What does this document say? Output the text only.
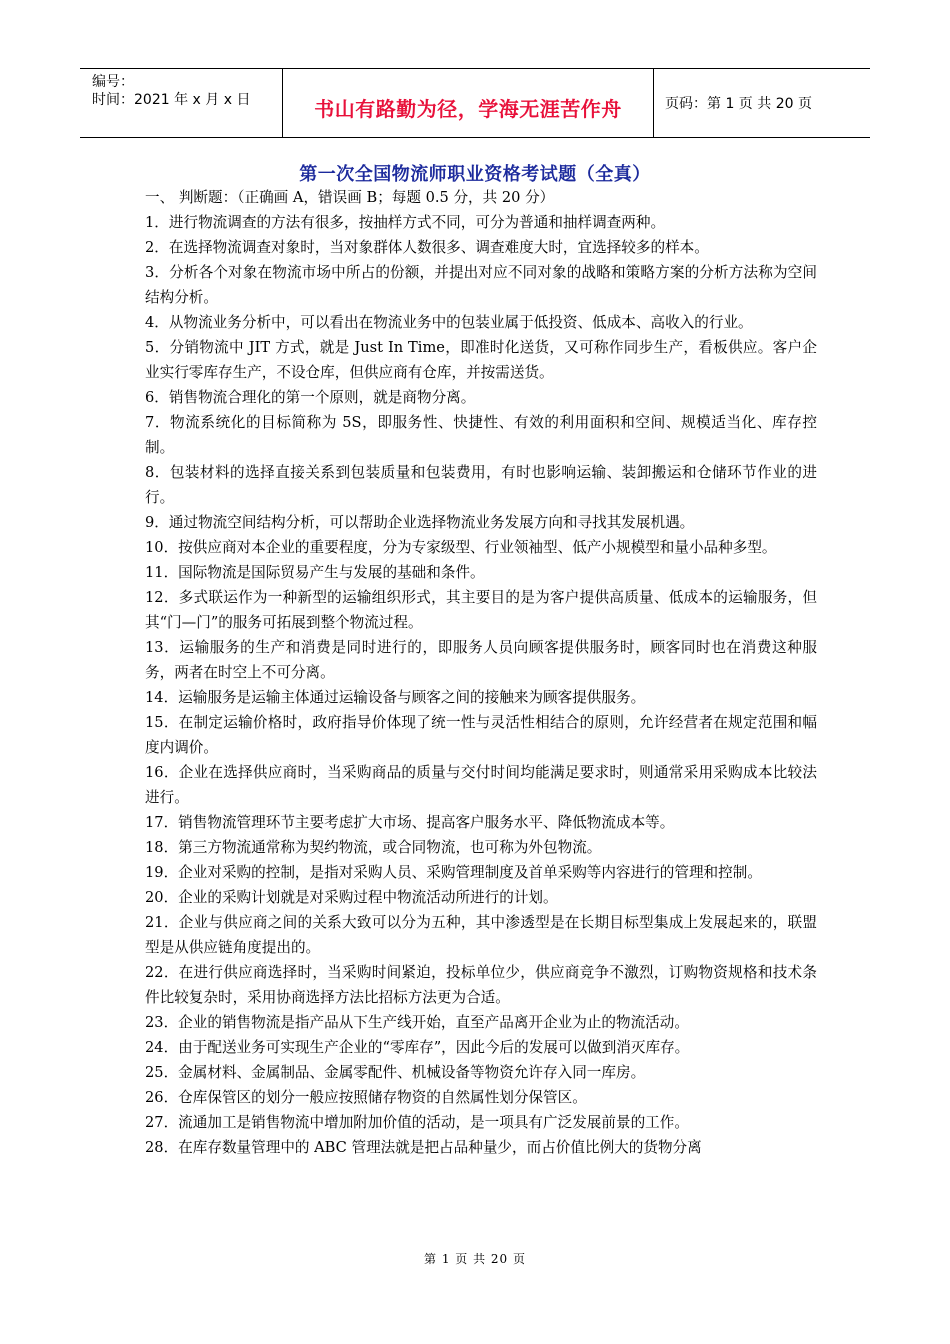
编号：
时间：2021 年 x 月 x 日	书山有路勤为径，学海无涯苦作舟	页码：第 1 页 共 20 页
第一次全国物流师职业资格考试题（全真）
一、 判断题：（正确画 A，错误画 B；每题 0.5 分，共 20 分）
1．进行物流调查的方法有很多，按抽样方式不同，可分为普通和抽样调查两种。
2．在选择物流调查对象时，当对象群体人数很多、调查难度大时，宜选择较多的样本。
3．分析各个对象在物流市场中所占的份额，并提出对应不同对象的战略和策略方案的分析方法称为空间结构分析。
4．从物流业务分析中，可以看出在物流业务中的包装业属于低投资、低成本、高收入的行业。
5．分销物流中 JIT 方式，就是 Just In Time，即准时化送货，又可称作同步生产，看板供应。客户企业实行零库存生产，不设仓库，但供应商有仓库，并按需送货。
6．销售物流合理化的第一个原则，就是商物分离。
7．物流系统化的目标简称为 5S，即服务性、快捷性、有效的利用面积和空间、规模适当化、库存控制。
8．包装材料的选择直接关系到包装质量和包装费用，有时也影响运输、装卸搬运和仓储环节作业的进行。
9．通过物流空间结构分析，可以帮助企业选择物流业务发展方向和寻找其发展机遇。
10．按供应商对本企业的重要程度，分为专家级型、行业领袖型、低产小规模型和量小品种多型。
11．国际物流是国际贸易产生与发展的基础和条件。
12．多式联运作为一种新型的运输组织形式，其主要目的是为客户提供高质量、低成本的运输服务，但其“门—门”的服务可拓展到整个物流过程。
13．运输服务的生产和消费是同时进行的，即服务人员向顾客提供服务时，顾客同时也在消费这种服务，两者在时空上不可分离。
14．运输服务是运输主体通过运输设备与顾客之间的接触来为顾客提供服务。
15．在制定运输价格时，政府指导价体现了统一性与灵活性相结合的原则，允许经营者在规定范围和幅度内调价。
16．企业在选择供应商时，当采购商品的质量与交付时间均能满足要求时，则通常采用采购成本比较法进行。
17．销售物流管理环节主要考虑扩大市场、提高客户服务水平、降低物流成本等。
18．第三方物流通常称为契约物流，或合同物流，也可称为外包物流。
19．企业对采购的控制，是指对采购人员、采购管理制度及首单采购等内容进行的管理和控制。
20．企业的采购计划就是对采购过程中物流活动所进行的计划。
21．企业与供应商之间的关系大致可以分为五种，其中渗透型是在长期目标型集成上发展起来的，联盟型是从供应链角度提出的。
22．在进行供应商选择时，当采购时间紧迫，投标单位少，供应商竞争不激烈，订购物资规格和技术条件比较复杂时，采用协商选择方法比招标方法更为合适。
23．企业的销售物流是指产品从下生产线开始，直至产品离开企业为止的物流活动。
24．由于配送业务可实现生产企业的“零库存”，因此今后的发展可以做到消灭库存。
25．金属材料、金属制品、金属零配件、机械设备等物资允许存入同一库房。
26．仓库保管区的划分一般应按照储存物资的自然属性划分保管区。
27．流通加工是销售物流中增加附加价值的活动，是一项具有广泛发展前景的工作。
28．在库存数量管理中的 ABC 管理法就是把占品种量少，而占价值比例大的货物分离
第 1 页 共 20 页
